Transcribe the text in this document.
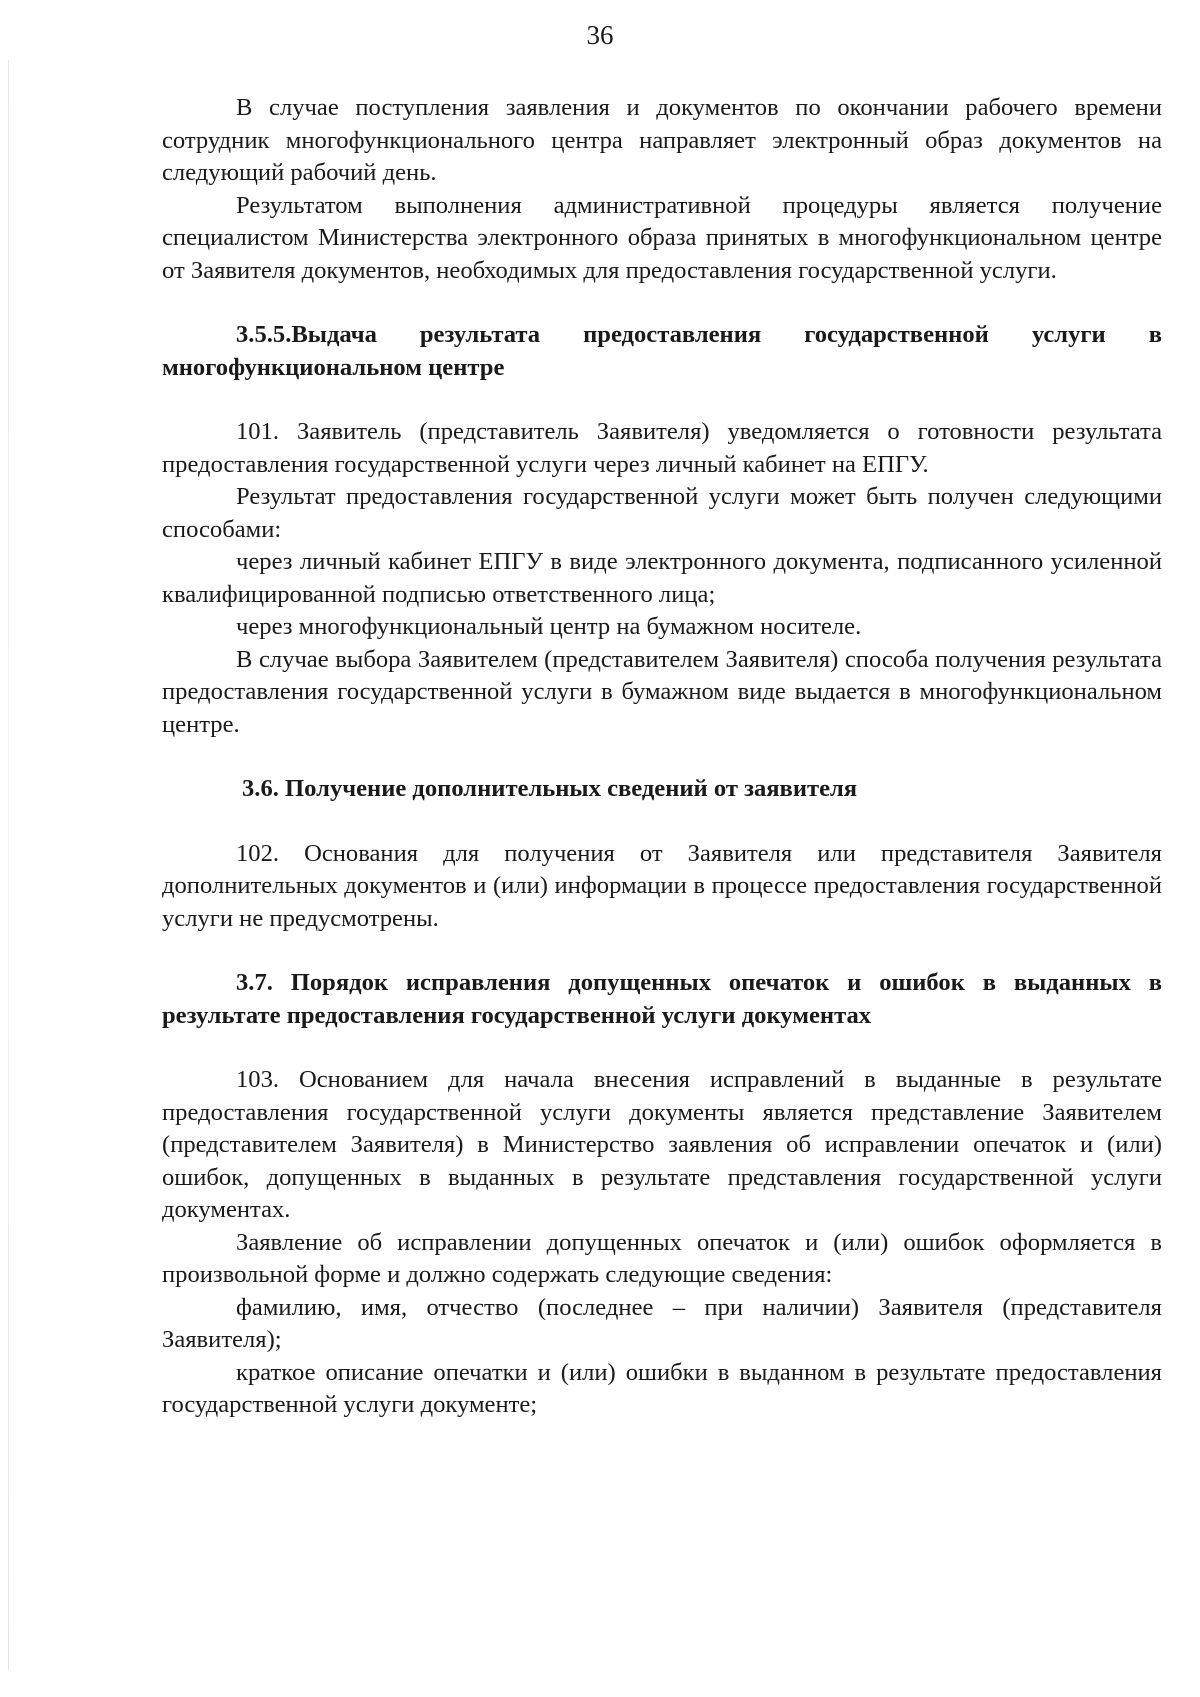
36

В случае поступления заявления и документов по окончании рабочего времени сотрудник многофункционального центра направляет электронный образ документов на следующий рабочий день.

Результатом выполнения административной процедуры является получение специалистом Министерства электронного образа принятых в многофункциональном центре от Заявителя документов, необходимых для предоставления государственной услуги.

3.5.5.Выдача результата предоставления государственной услуги в многофункциональном центре

101. Заявитель (представитель Заявителя) уведомляется о готовности результата предоставления государственной услуги через личный кабинет на ЕПГУ.

Результат предоставления государственной услуги может быть получен следующими способами:

через личный кабинет ЕПГУ в виде электронного документа, подписанного усиленной квалифицированной подписью ответственного лица;

через многофункциональный центр на бумажном носителе.

В случае выбора Заявителем (представителем Заявителя) способа получения результата предоставления государственной услуги в бумажном виде выдается в многофункциональном центре.

3.6. Получение дополнительных сведений от заявителя

102. Основания для получения от Заявителя или представителя Заявителя дополнительных документов и (или) информации в процессе предоставления государственной услуги не предусмотрены.

3.7. Порядок исправления допущенных опечаток и ошибок в выданных в результате предоставления государственной услуги документах

103. Основанием для начала внесения исправлений в выданные в результате предоставления государственной услуги документы является представление Заявителем (представителем Заявителя) в Министерство заявления об исправлении опечаток и (или) ошибок, допущенных в выданных в результате представления государственной услуги документах.

Заявление об исправлении допущенных опечаток и (или) ошибок оформляется в произвольной форме и должно содержать следующие сведения:

фамилию, имя, отчество (последнее – при наличии) Заявителя (представителя Заявителя);

краткое описание опечатки и (или) ошибки в выданном в результате предоставления государственной услуги документе;
